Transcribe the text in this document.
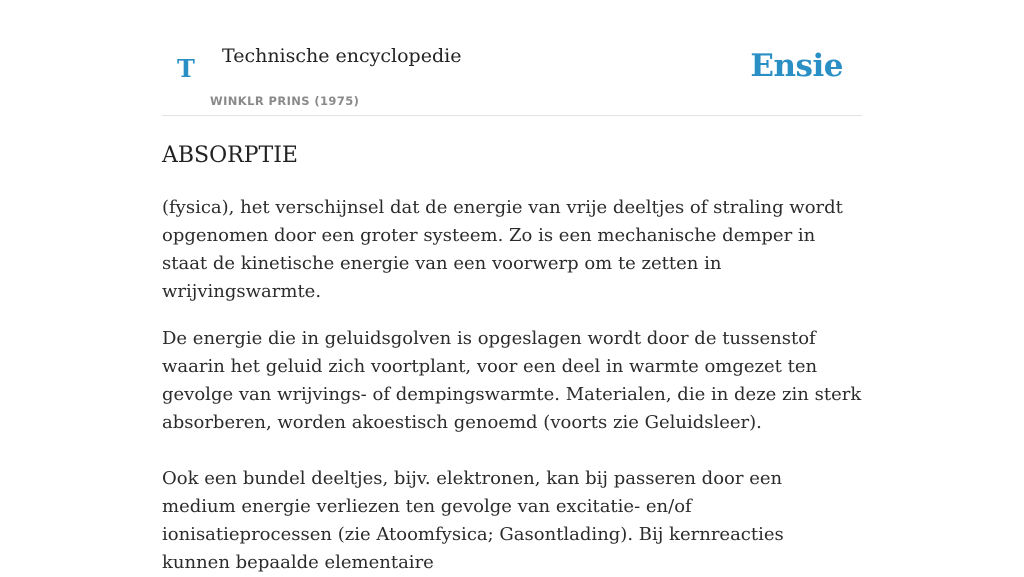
T Technische encyclopedie
WINKLR PRINS (1975)
Ensie
ABSORPTIE

(fysica), het verschijnsel dat de energie van vrije deeltjes of straling wordt opgenomen door een groter systeem. Zo is een mechanische demper in staat de kinetische energie van een voorwerp om te zetten in wrijvingswarmte.

De energie die in geluidsgolven is opgeslagen wordt door de tussenstof waarin het geluid zich voortplant, voor een deel in warmte omgezet ten gevolge van wrijvings- of dempingswarmte. Materialen, die in deze zin sterk absorberen, worden akoestisch genoemd (voorts zie Geluidsleer).

Ook een bundel deeltjes, bijv. elektronen, kan bij passeren door een medium energie verliezen ten gevolge van excitatie- en/of ionisatieprocessen (zie Atoomfysica; Gasontlading). Bij kernreacties kunnen bepaalde elementaire
